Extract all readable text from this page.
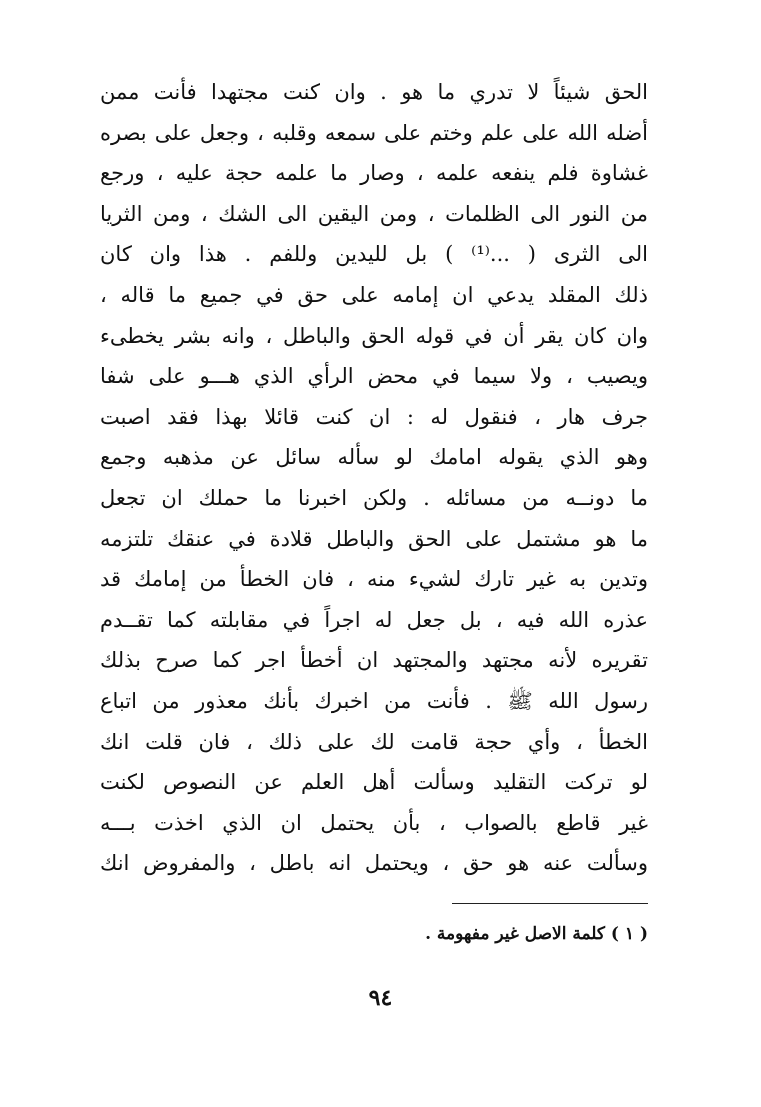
الحق شيئاً لا تدري ما هو . وان كنت مجتهدا فأنت ممن
أضله الله على علم وختم على سمعه وقلبه ، وجعل على بصره
غشاوة فلم ينفعه علمه ، وصار ما علمه حجة عليه ، ورجع
من النور الى الظلمات ، ومن اليقين الى الشك ، ومن الثريا
الى الثرى ( ...⁽¹⁾ ) بل لليدين وللفم . هذا وان كان
ذلك المقلد يدعي ان إمامه على حق في جميع ما قاله ،
وان كان يقر أن في قوله الحق والباطل ، وانه بشر يخطىء
ويصيب ، ولا سيما في محض الرأي الذي هـــو على شفا
جرف هار ، فنقول له : ان كنت قائلا بهذا فقد اصبت
وهو الذي يقوله امامك لو سأله سائل عن مذهبه وجمع
ما دونــه من مسائله . ولكن اخبرنا ما حملك ان تجعل
ما هو مشتمل على الحق والباطل قلادة في عنقك تلتزمه
وتدين به غير تارك لشيء منه ، فان الخطأ من إمامك قد
عذره الله فيه ، بل جعل له اجراً في مقابلته كما تقــدم
تقريره لأنه مجتهد والمجتهد ان أخطأ اجر كما صرح بذلك
رسول الله ﷺ . فأنت من اخبرك بأنك معذور من اتباع
الخطأ ، وأي حجة قامت لك على ذلك ، فان قلت انك
لو تركت التقليد وسألت أهل العلم عن النصوص لكنت
غير قاطع بالصواب ، بأن يحتمل ان الذي اخذت بـــه
وسألت عنه هو حق ، ويحتمل انه باطل ، والمفروض انك
( ١ ) كلمة الاصل غير مفهومة .
٩٤
